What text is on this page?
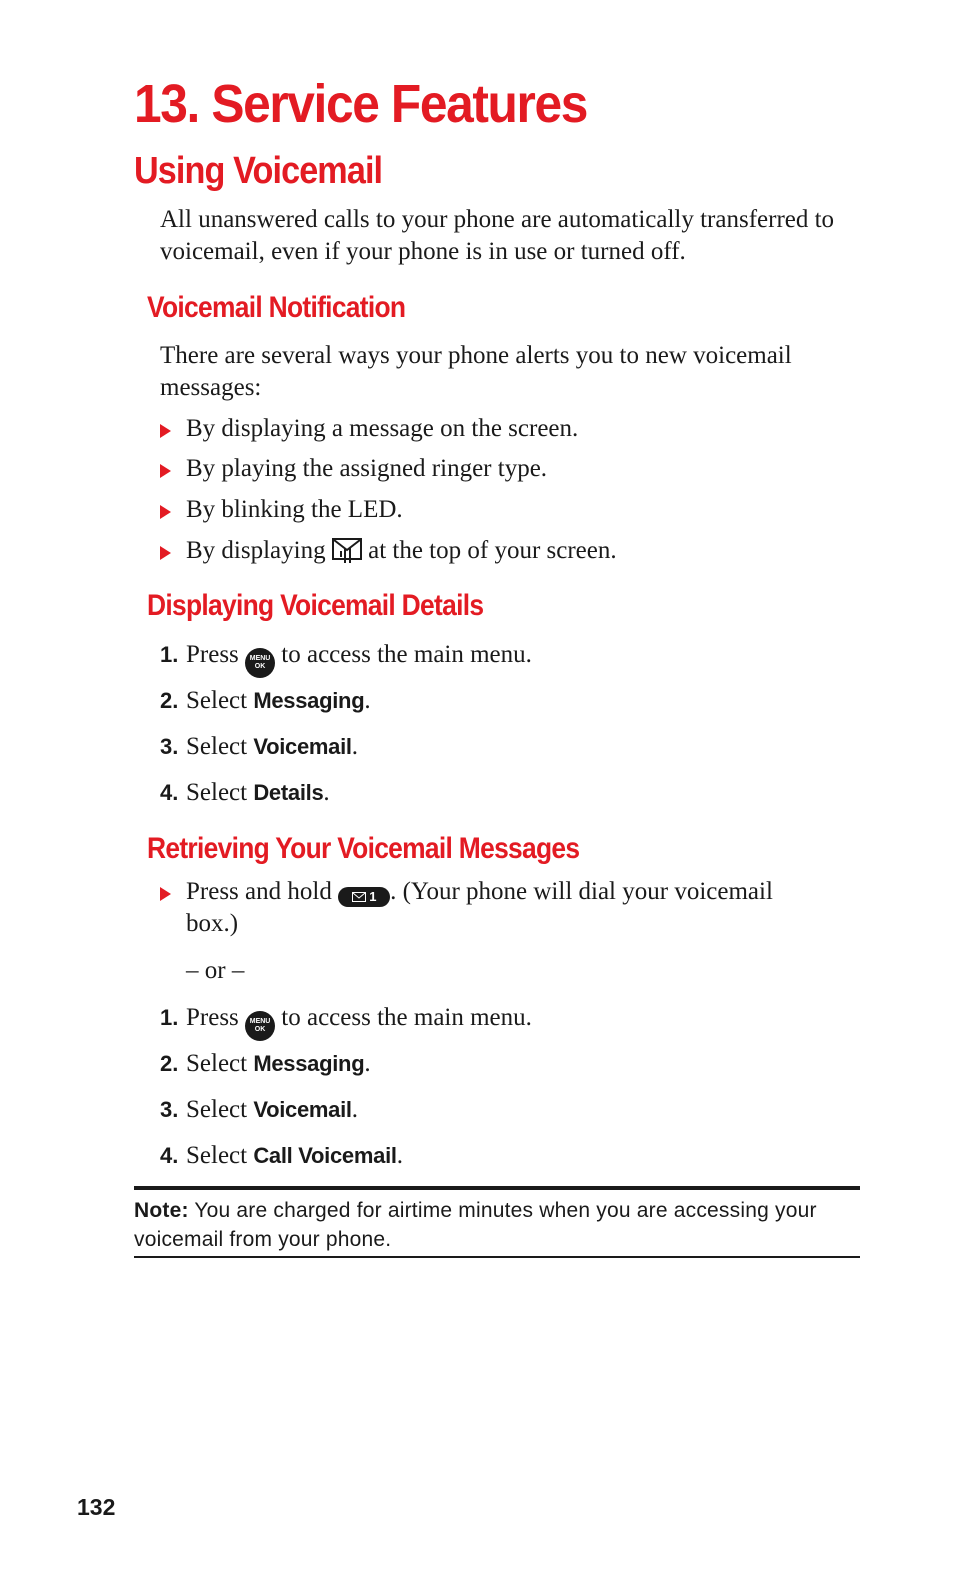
13. Service Features
Using Voicemail

All unanswered calls to your phone are automatically transferred to voicemail, even if your phone is in use or turned off.

Voicemail Notification

There are several ways your phone alerts you to new voicemail messages:

By displaying a message on the screen.
By playing the assigned ringer type.
By blinking the LED.
By displaying  at the top of your screen.
Displaying Voicemail Details
1. Press MENU
OK to access the main menu.
2. Select Messaging.
3. Select Voicemail.
4. Select Details.
Retrieving Your Voicemail Messages
Press and hold  1 . (Your phone will dial your voicemail box.)
– or –
1. Press MENU
OK to access the main menu.
2. Select Messaging.
3. Select Voicemail.
4. Select Call Voicemail.
Note: You are charged for airtime minutes when you are accessing your voicemail from your phone.
132
